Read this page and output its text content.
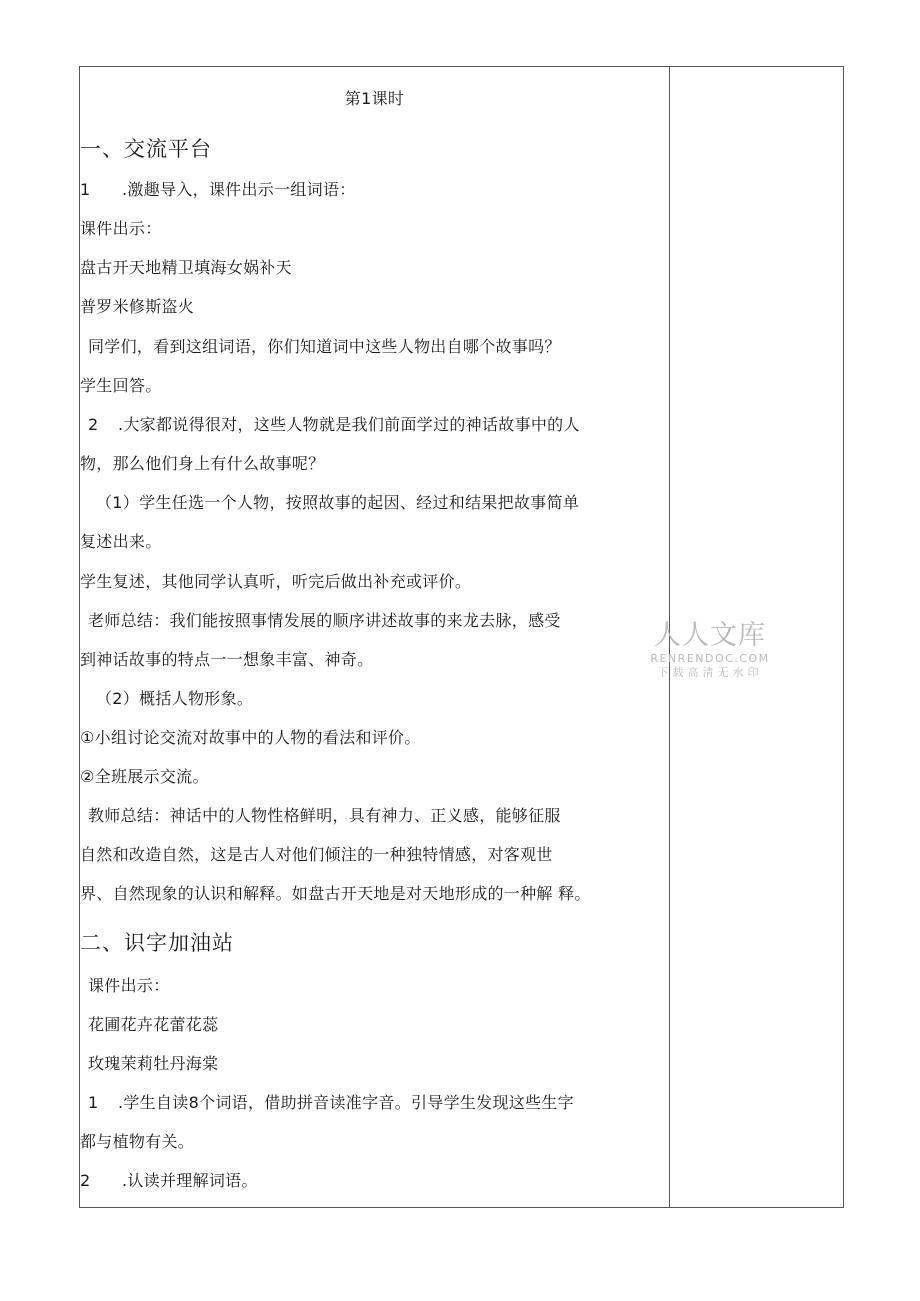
第1课时
一、交流平台
1 .激趣导入，课件出示一组词语：
课件出示：
盘古开天地精卫填海女娲补天
普罗米修斯盗火
同学们，看到这组词语，你们知道词中这些人物出自哪个故事吗？
学生回答。
2 .大家都说得很对，这些人物就是我们前面学过的神话故事中的人
物，那么他们身上有什么故事呢？
（1）学生任选一个人物，按照故事的起因、经过和结果把故事简单
复述出来。
学生复述，其他同学认真听，听完后做出补充或评价。
老师总结：我们能按照事情发展的顺序讲述故事的来龙去脉，感受
到神话故事的特点一一想象丰富、神奇。
（2）概括人物形象。
①小组讨论交流对故事中的人物的看法和评价。
②全班展示交流。
教师总结：神话中的人物性格鲜明，具有神力、正义感，能够征服
自然和改造自然，这是古人对他们倾注的一种独特情感，对客观世
界、自然现象的认识和解释。如盘古开天地是对天地形成的一种解 释。
二、识字加油站
课件出示：
花圃花卉花蕾花蕊
玫瑰茉莉牡丹海棠
1 .学生自读8个词语，借助拼音读准字音。引导学生发现这些生字
都与植物有关。
2 .认读并理解词语。
人人文库
RENRENDOC.COM
下载高清无水印
